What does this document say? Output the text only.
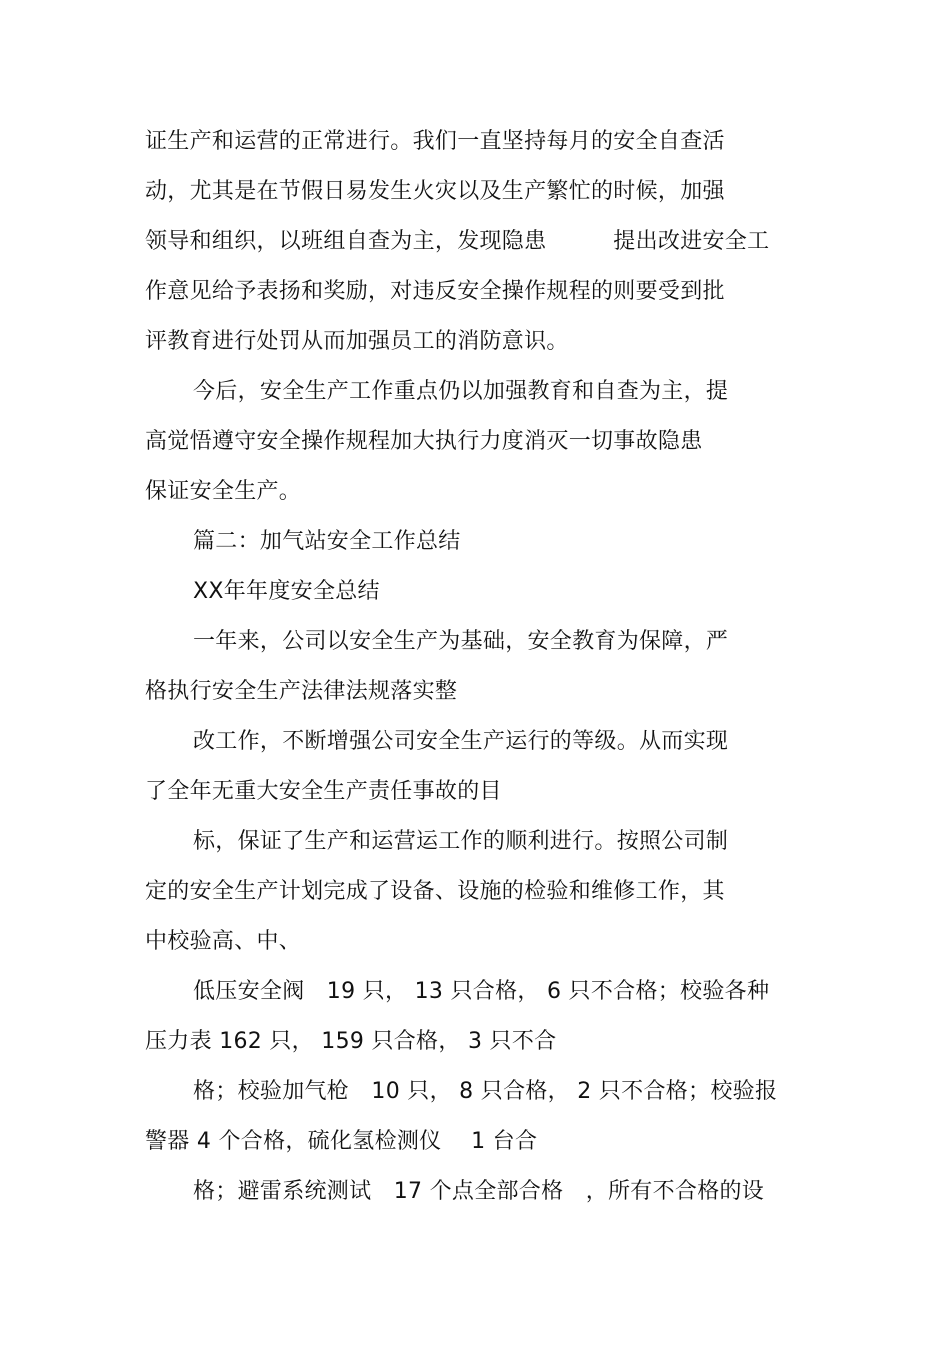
证生产和运营的正常进行。我们一直坚持每月的安全自查活
动，尤其是在节假日易发生火灾以及生产繁忙的时候，加强
领导和组织，以班组自查为主，发现隐患　　　提出改进安全工
作意见给予表扬和奖励，对违反安全操作规程的则要受到批
评教育进行处罚从而加强员工的消防意识。
今后，安全生产工作重点仍以加强教育和自查为主，提
高觉悟遵守安全操作规程加大执行力度消灭一切事故隐患
保证安全生产。
篇二：加气站安全工作总结
XX年年度安全总结
一年来，公司以安全生产为基础，安全教育为保障，严
格执行安全生产法律法规落实整
改工作，不断增强公司安全生产运行的等级。从而实现
了全年无重大安全生产责任事故的目
标，保证了生产和运营运工作的顺利进行。按照公司制
定的安全生产计划完成了设备、设施的检验和维修工作，其
中校验高、中、
低压安全阀　19 只， 13 只合格， 6 只不合格；校验各种
压力表 162 只， 159 只合格， 3 只不合
格；校验加气枪　10 只， 8 只合格， 2 只不合格；校验报
警器 4 个合格，硫化氢检测仪　 1 台合
格；避雷系统测试　17 个点全部合格　，所有不合格的设
